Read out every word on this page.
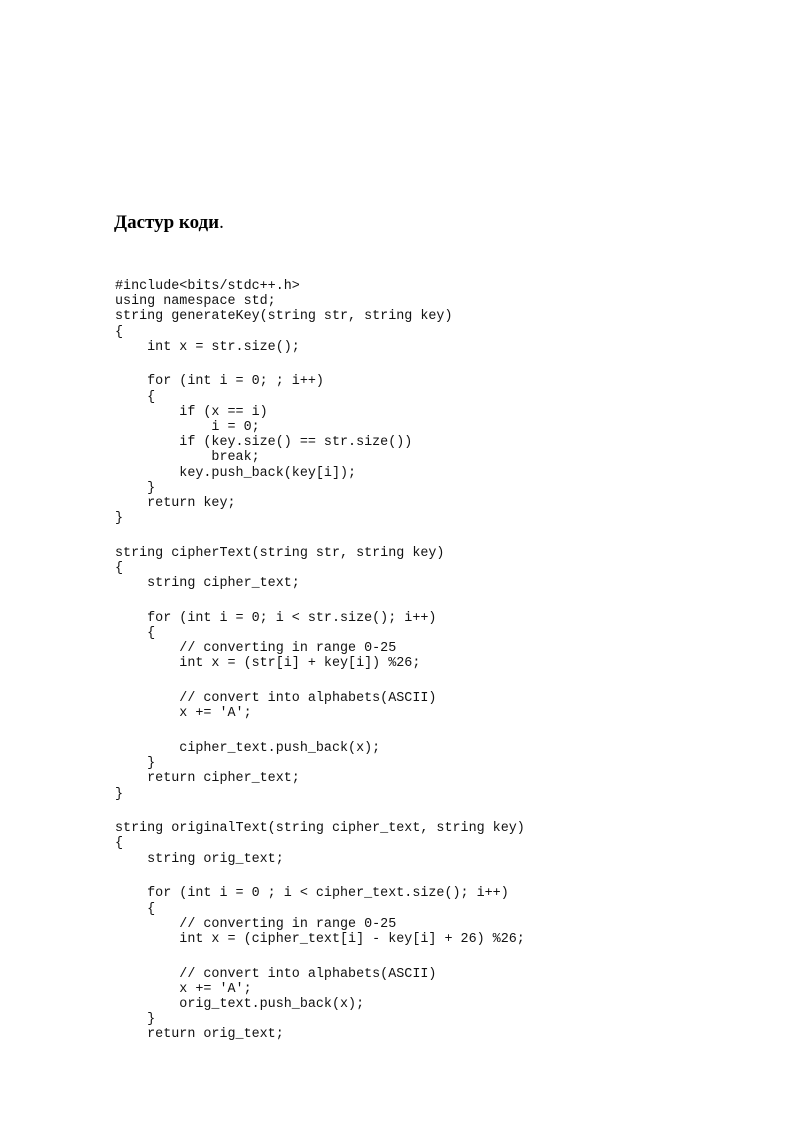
Дастур коди.
#include<bits/stdc++.h>
using namespace std;
string generateKey(string str, string key)
{
int x = str.size();
for (int i = 0; ; i++)
{
if (x == i)
i = 0;
if (key.size() == str.size())
break;
key.push_back(key[i]);
}
return key;
}
string cipherText(string str, string key)
{
string cipher_text;
for (int i = 0; i < str.size(); i++)
{
// converting in range 0-25
int x = (str[i] + key[i]) %26;
// convert into alphabets(ASCII)
x += 'A';
cipher_text.push_back(x);
}
return cipher_text;
}
string originalText(string cipher_text, string key)
{
string orig_text;
for (int i = 0 ; i < cipher_text.size(); i++)
{
// converting in range 0-25
int x = (cipher_text[i] - key[i] + 26) %26;
// convert into alphabets(ASCII)
x += 'A';
orig_text.push_back(x);
}
return orig_text;
